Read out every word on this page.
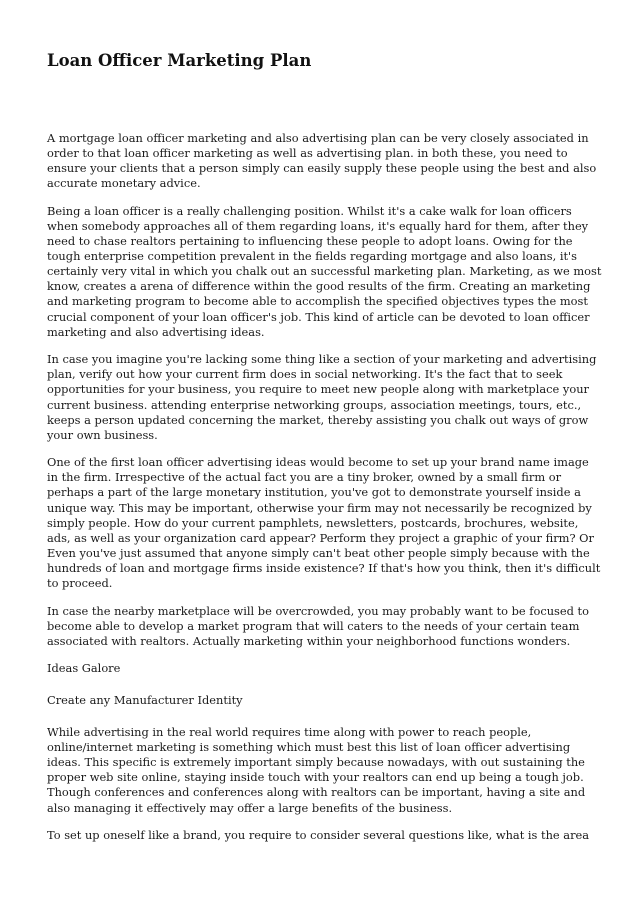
Loan Officer Marketing Plan

A mortgage loan officer marketing and also advertising plan can be very closely associated in order to that loan officer marketing as well as advertising plan. in both these, you need to ensure your clients that a person simply can easily supply these people using the best and also accurate monetary advice.

Being a loan officer is a really challenging position. Whilst it's a cake walk for loan officers when somebody approaches all of them regarding loans, it's equally hard for them, after they need to chase realtors pertaining to influencing these people to adopt loans. Owing for the tough enterprise competition prevalent in the fields regarding mortgage and also loans, it's certainly very vital in which you chalk out an successful marketing plan. Marketing, as we most know, creates a arena of difference within the good results of the firm. Creating an marketing and marketing program to become able to accomplish the specified objectives types the most crucial component of your loan officer's job. This kind of article can be devoted to loan officer marketing and also advertising ideas.

In case you imagine you're lacking some thing like a section of your marketing and advertising plan, verify out how your current firm does in social networking. It's the fact that to seek opportunities for your business, you require to meet new people along with marketplace your current business. attending enterprise networking groups, association meetings, tours, etc., keeps a person updated concerning the market, thereby assisting you chalk out ways of grow your own business.

One of the first loan officer advertising ideas would become to set up your brand name image in the firm. Irrespective of the actual fact you are a tiny broker, owned by a small firm or perhaps a part of the large monetary institution, you've got to demonstrate yourself inside a unique way. This may be important, otherwise your firm may not necessarily be recognized by simply people. How do your current pamphlets, newsletters, postcards, brochures, website, ads, as well as your organization card appear? Perform they project a graphic of your firm? Or Even you've just assumed that anyone simply can't beat other people simply because with the hundreds of loan and mortgage firms inside existence? If that's how you think, then it's difficult to proceed.

In case the nearby marketplace will be overcrowded, you may probably want to be focused to become able to develop a market program that will caters to the needs of your certain team associated with realtors. Actually marketing within your neighborhood functions wonders.

Ideas Galore

Create any Manufacturer Identity

While advertising in the real world requires time along with power to reach people, online/internet marketing is something which must best this list of loan officer advertising ideas. This specific is extremely important simply because nowadays, with out sustaining the proper web site online, staying inside touch with your realtors can end up being a tough job. Though conferences and conferences along with realtors can be important, having a site and also managing it effectively may offer a large benefits of the business.

To set up oneself like a brand, you require to consider several questions like, what is the area
